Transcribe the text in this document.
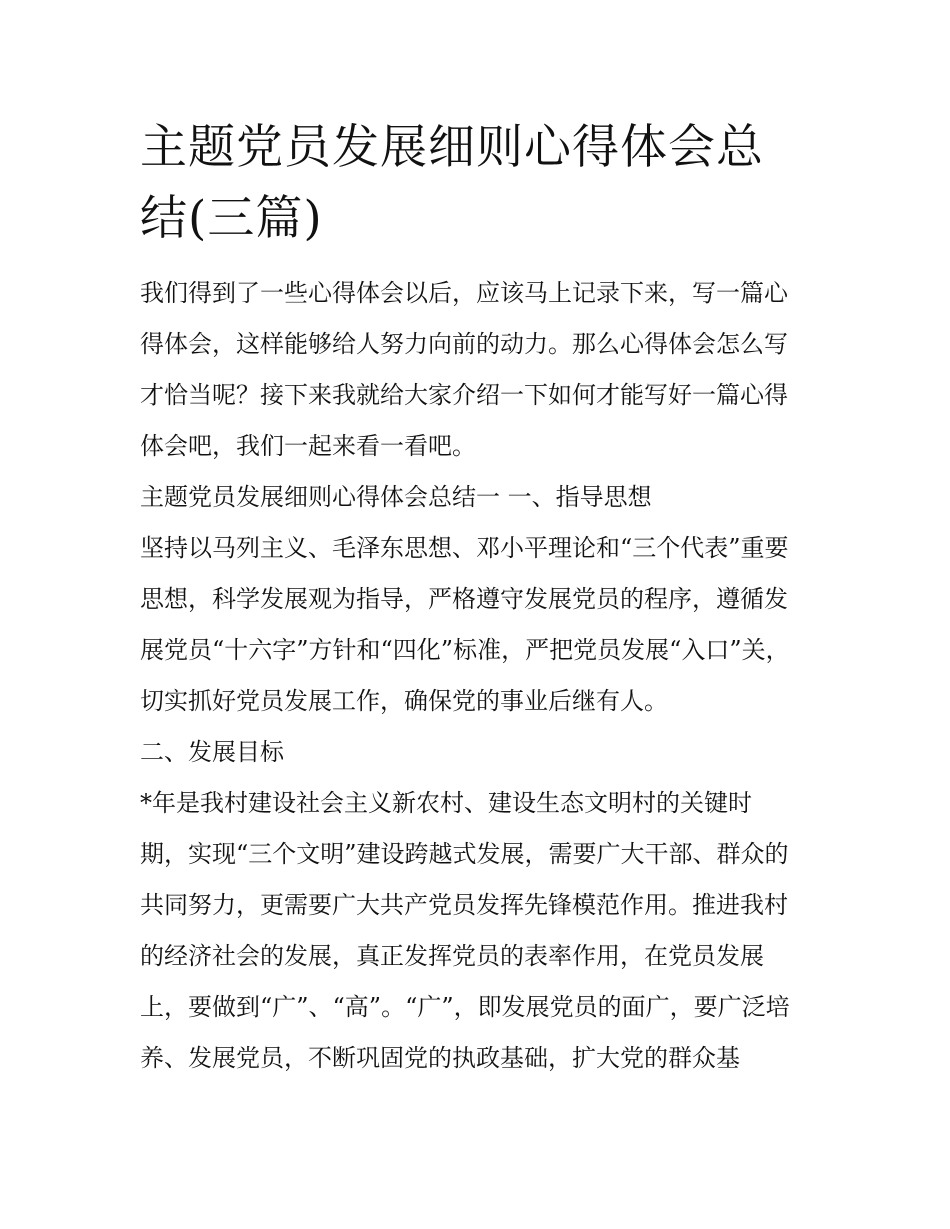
主题党员发展细则心得体会总
结(三篇)
我们得到了一些心得体会以后，应该马上记录下来，写一篇心
得体会，这样能够给人努力向前的动力。那么心得体会怎么写
才恰当呢？接下来我就给大家介绍一下如何才能写好一篇心得
体会吧，我们一起来看一看吧。
主题党员发展细则心得体会总结一 一、指导思想
坚持以马列主义、毛泽东思想、邓小平理论和“三个代表”重要
思想，科学发展观为指导，严格遵守发展党员的程序，遵循发
展党员“十六字”方针和“四化”标准，严把党员发展“入口”关，
切实抓好党员发展工作，确保党的事业后继有人。
二、发展目标
*年是我村建设社会主义新农村、建设生态文明村的关键时
期，实现“三个文明”建设跨越式发展，需要广大干部、群众的
共同努力，更需要广大共产党员发挥先锋模范作用。推进我村
的经济社会的发展，真正发挥党员的表率作用，在党员发展
上，要做到“广”、“高”。“广”，即发展党员的面广，要广泛培
养、发展党员，不断巩固党的执政基础，扩大党的群众基
